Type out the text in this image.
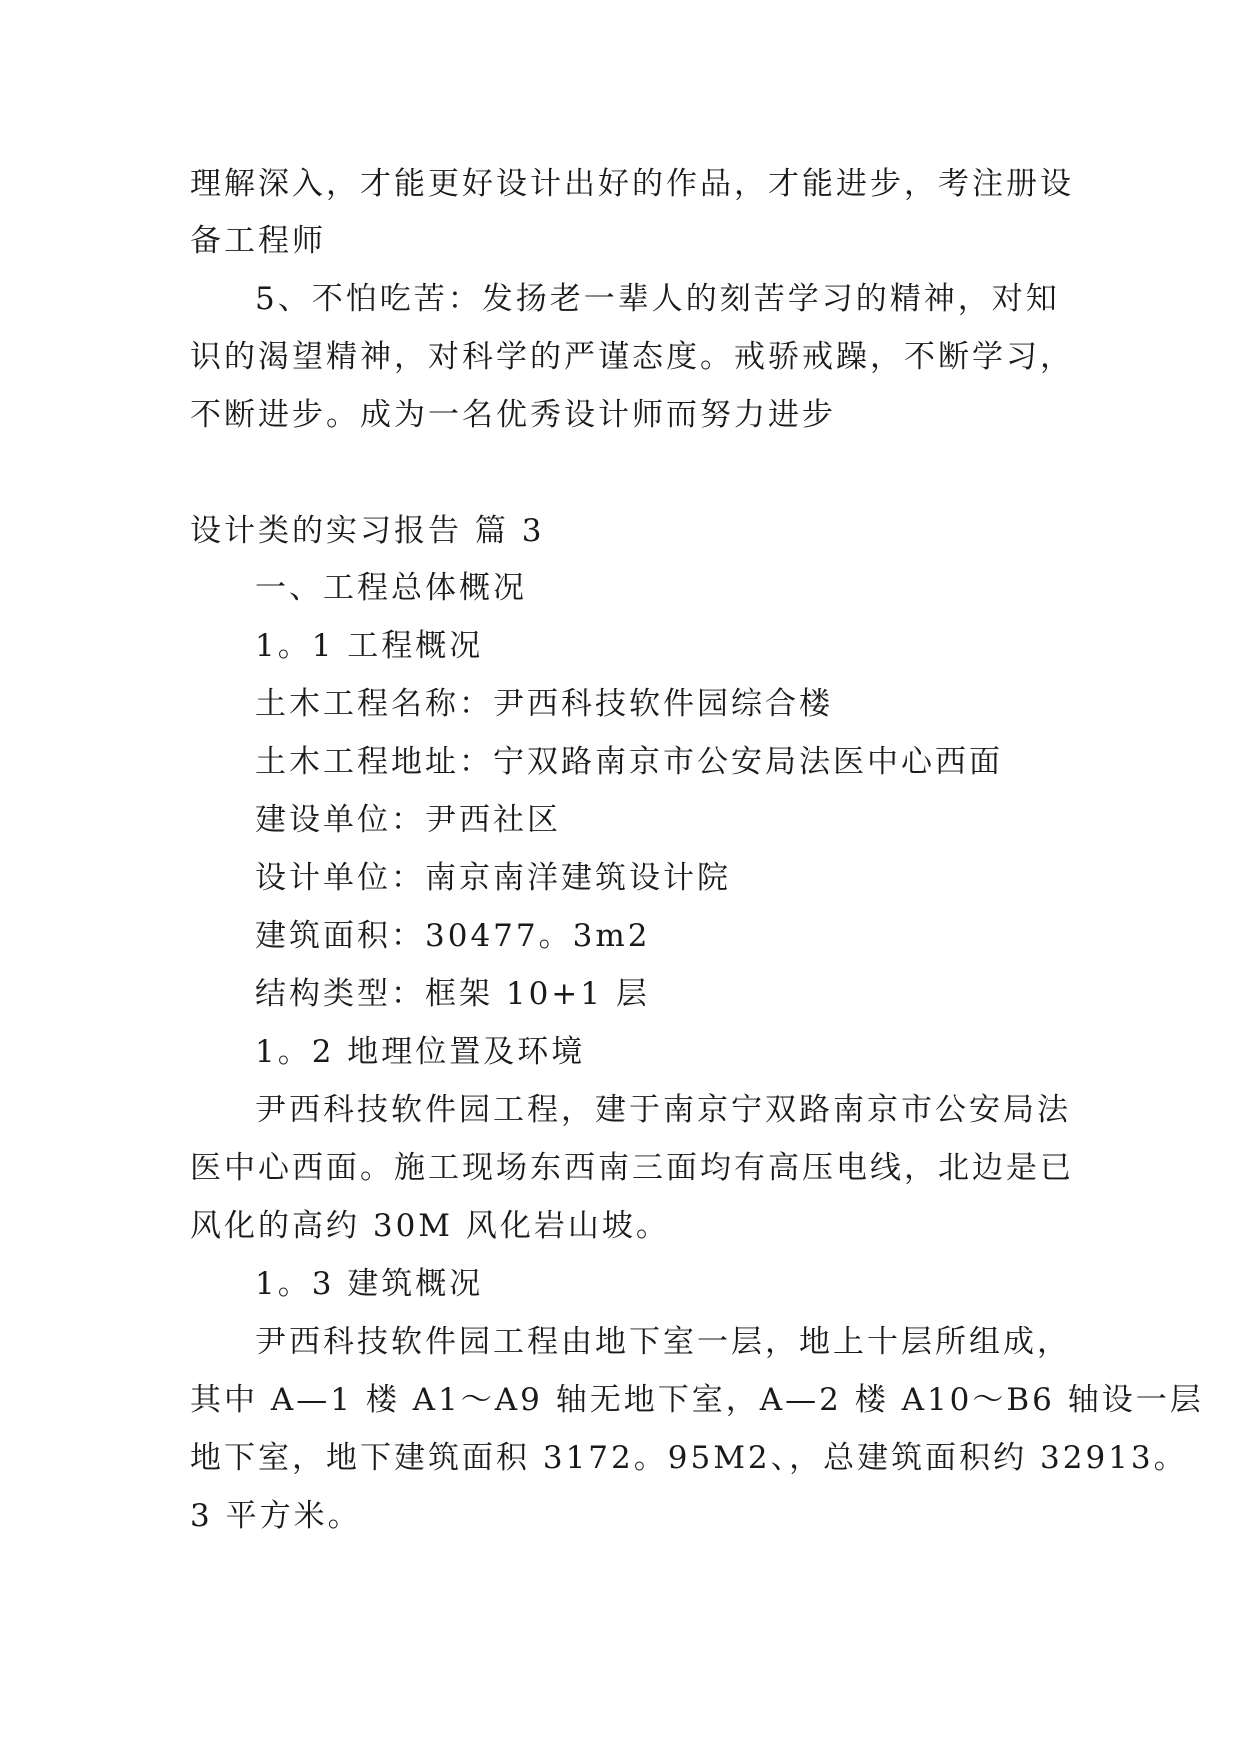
理解深入，才能更好设计出好的作品，才能进步，考注册设
备工程师
5、不怕吃苦：发扬老一辈人的刻苦学习的精神，对知
识的渴望精神，对科学的严谨态度。戒骄戒躁，不断学习，
不断进步。成为一名优秀设计师而努力进步
设计类的实习报告 篇 3
一、工程总体概况
1。1 工程概况
土木工程名称：尹西科技软件园综合楼
土木工程地址：宁双路南京市公安局法医中心西面
建设单位：尹西社区
设计单位：南京南洋建筑设计院
建筑面积：30477。3m2
结构类型：框架 10+1 层
1。2 地理位置及环境
尹西科技软件园工程，建于南京宁双路南京市公安局法
医中心西面。施工现场东西南三面均有高压电线，北边是已
风化的高约 30M 风化岩山坡。
1。3 建筑概况
尹西科技软件园工程由地下室一层，地上十层所组成，
其中 A—1 楼 A1～A9 轴无地下室，A—2 楼 A10～B6 轴设一层
地下室，地下建筑面积 3172。95M2、，总建筑面积约 32913。
3 平方米。
